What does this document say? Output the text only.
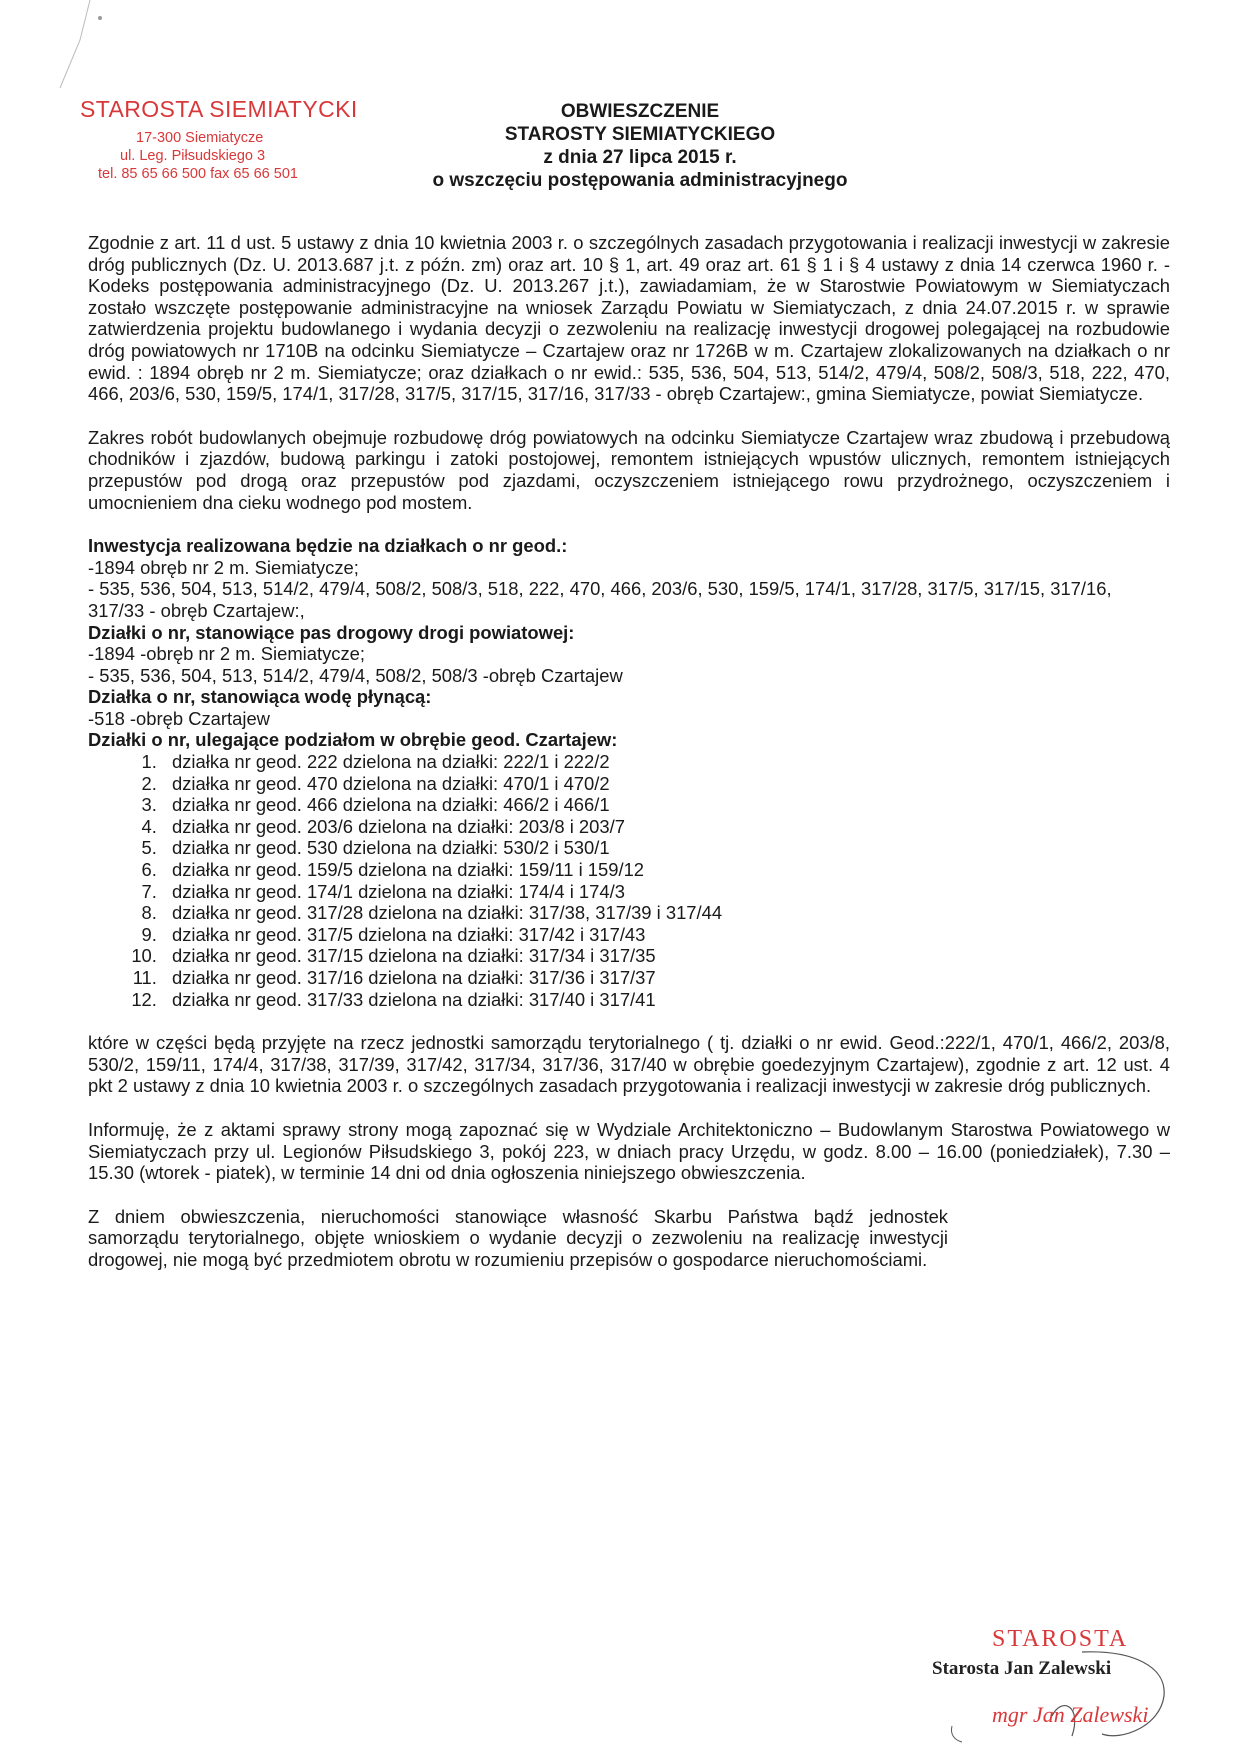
STAROSTA SIEMIATYCKI
17-300 Siemiatycze
ul. Leg. Piłsudskiego 3
tel. 85 65 66 500 fax 65 66 501
OBWIESZCZENIE
STAROSTY SIEMIATYCKIEGO
z dnia 27 lipca 2015 r.
o wszczęciu postępowania administracyjnego

Zgodnie z art. 11 d ust. 5 ustawy z dnia 10 kwietnia 2003 r. o szczególnych zasadach przygotowania i realizacji inwestycji w zakresie dróg publicznych (Dz. U. 2013.687 j.t. z późn. zm) oraz art. 10 § 1, art. 49 oraz art. 61 § 1 i § 4 ustawy z dnia 14 czerwca 1960 r. - Kodeks postępowania administracyjnego (Dz. U. 2013.267 j.t.), zawiadamiam, że w Starostwie Powiatowym w Siemiatyczach zostało wszczęte postępowanie administracyjne na wniosek Zarządu Powiatu w Siemiatyczach, z dnia 24.07.2015 r. w sprawie zatwierdzenia projektu budowlanego i wydania decyzji o zezwoleniu na realizację inwestycji drogowej polegającej na rozbudowie dróg powiatowych nr 1710B na odcinku Siemiatycze – Czartajew oraz nr 1726B w m. Czartajew zlokalizowanych na działkach o nr ewid. : 1894 obręb nr 2 m. Siemiatycze; oraz działkach o nr ewid.: 535, 536, 504, 513, 514/2, 479/4, 508/2, 508/3, 518, 222, 470, 466, 203/6, 530, 159/5, 174/1, 317/28, 317/5, 317/15, 317/16, 317/33 - obręb Czartajew:, gmina Siemiatycze, powiat Siemiatycze.

Zakres robót budowlanych obejmuje rozbudowę dróg powiatowych na odcinku Siemiatycze Czartajew wraz zbudową i przebudową chodników i zjazdów, budową parkingu i zatoki postojowej, remontem istniejących wpustów ulicznych, remontem istniejących przepustów pod drogą oraz przepustów pod zjazdami, oczyszczeniem istniejącego rowu przydrożnego, oczyszczeniem i umocnieniem dna cieku wodnego pod mostem.

Inwestycja realizowana będzie na działkach o nr geod.:

-1894 obręb nr 2 m. Siemiatycze;

- 535, 536, 504, 513, 514/2, 479/4, 508/2, 508/3, 518, 222, 470, 466, 203/6, 530, 159/5, 174/1, 317/28, 317/5, 317/15, 317/16, 317/33 - obręb Czartajew:,

Działki o nr, stanowiące pas drogowy drogi powiatowej:

-1894 -obręb nr 2 m. Siemiatycze;

- 535, 536, 504, 513, 514/2, 479/4, 508/2, 508/3 -obręb Czartajew

Działka o nr, stanowiąca wodę płynącą:

-518 -obręb Czartajew

Działki o nr, ulegające podziałom w obrębie geod. Czartajew:

1. działka nr geod. 222 dzielona na działki: 222/1 i 222/2
2. działka nr geod. 470 dzielona na działki: 470/1 i 470/2
3. działka nr geod. 466 dzielona na działki: 466/2 i 466/1
4. działka nr geod. 203/6 dzielona na działki: 203/8 i 203/7
5. działka nr geod. 530 dzielona na działki: 530/2 i 530/1
6. działka nr geod. 159/5 dzielona na działki: 159/11 i 159/12
7. działka nr geod. 174/1 dzielona na działki: 174/4 i 174/3
8. działka nr geod. 317/28 dzielona na działki: 317/38, 317/39 i 317/44
9. działka nr geod. 317/5 dzielona na działki: 317/42 i 317/43
10. działka nr geod. 317/15 dzielona na działki: 317/34 i 317/35
11. działka nr geod. 317/16 dzielona na działki: 317/36 i 317/37
12. działka nr geod. 317/33 dzielona na działki: 317/40 i 317/41

które w części będą przyjęte na rzecz jednostki samorządu terytorialnego ( tj. działki o nr ewid. Geod.:222/1, 470/1, 466/2, 203/8, 530/2, 159/11, 174/4, 317/38, 317/39, 317/42, 317/34, 317/36, 317/40 w obrębie goedezyjnym Czartajew), zgodnie z art. 12 ust. 4 pkt 2 ustawy z dnia 10 kwietnia 2003 r. o szczególnych zasadach przygotowania i realizacji inwestycji w zakresie dróg publicznych.

Informuję, że z aktami sprawy strony mogą zapoznać się w Wydziale Architektoniczno – Budowlanym Starostwa Powiatowego w Siemiatyczach przy ul. Legionów Piłsudskiego 3, pokój 223, w dniach pracy Urzędu, w godz. 8.00 – 16.00 (poniedziałek), 7.30 – 15.30 (wtorek - piatek), w terminie 14 dni od dnia ogłoszenia niniejszego obwieszczenia.

Z dniem obwieszczenia, nieruchomości stanowiące własność Skarbu Państwa bądź jednostek samorządu terytorialnego, objęte wnioskiem o wydanie decyzji o zezwoleniu na realizację inwestycji drogowej, nie mogą być przedmiotem obrotu w rozumieniu przepisów o gospodarce nieruchomościami.

STAROSTA
Starosta Jan Zalewski
mgr Jan Zalewski
